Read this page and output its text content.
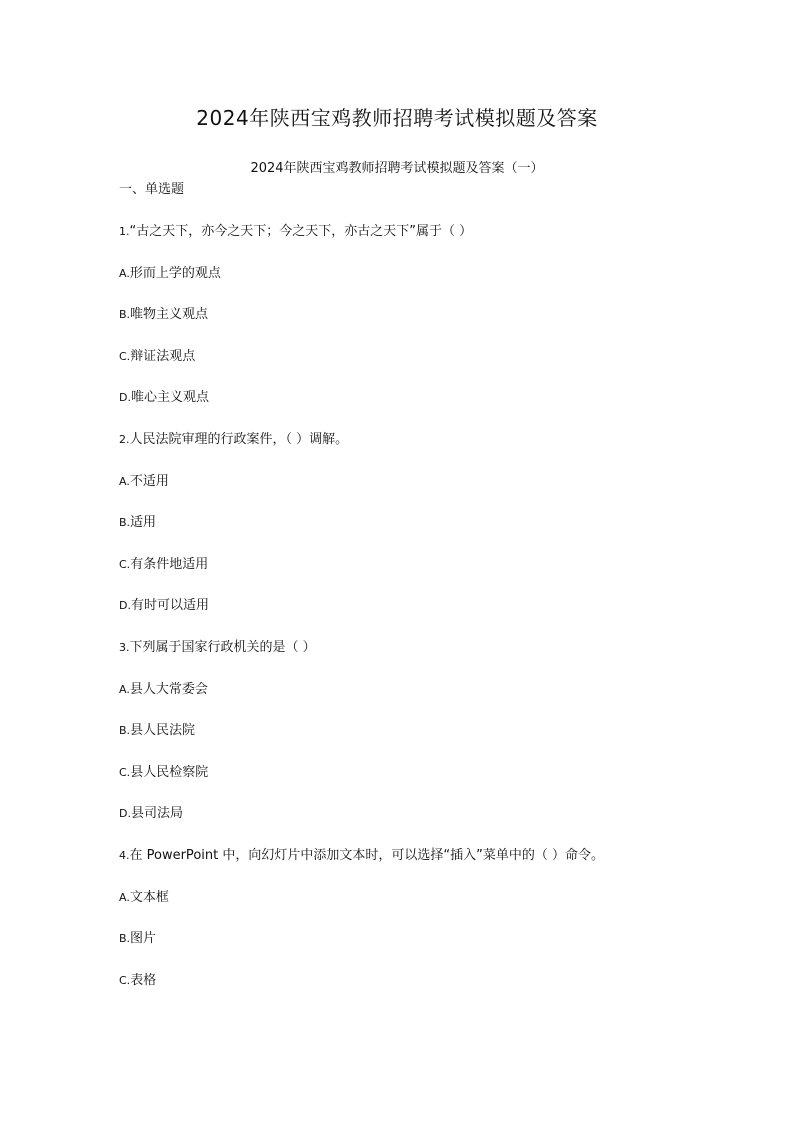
2024年陕西宝鸡教师招聘考试模拟题及答案
2024年陕西宝鸡教师招聘考试模拟题及答案（一）
一、单选题
1.“古之天下，亦今之天下；今之天下，亦古之天下”属于（ ）
A.形而上学的观点
B.唯物主义观点
C.辩证法观点
D.唯心主义观点
2.人民法院审理的行政案件，（ ）调解。
A.不适用
B.适用
C.有条件地适用
D.有时可以适用
3.下列属于国家行政机关的是（ ）
A.县人大常委会
B.县人民法院
C.县人民检察院
D.县司法局
4.在 PowerPoint 中，向幻灯片中添加文本时，可以选择“插入”菜单中的（ ）命令。
A.文本框
B.图片
C.表格
